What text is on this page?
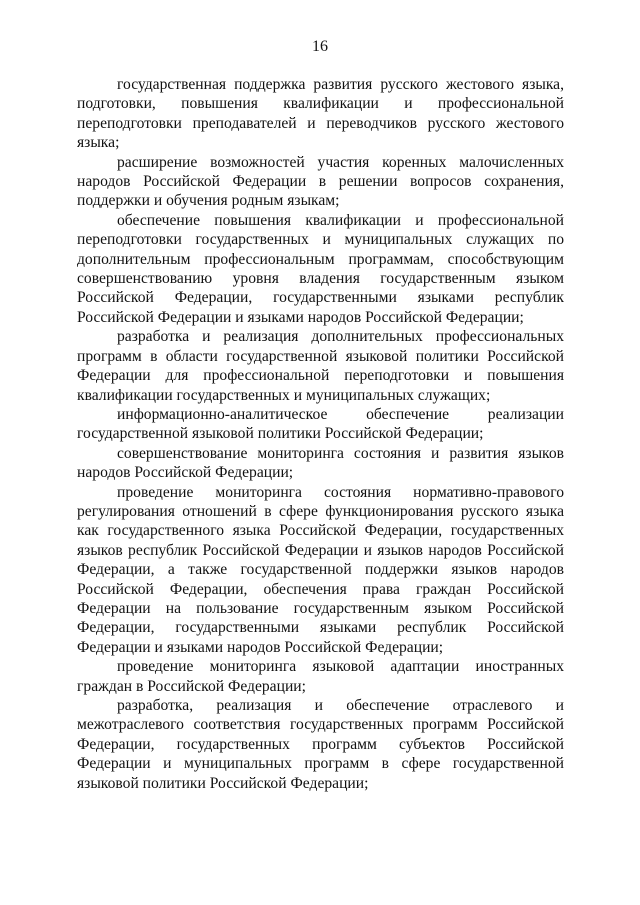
16

государственная поддержка развития русского жестового языка, подготовки, повышения квалификации и профессиональной переподготовки преподавателей и переводчиков русского жестового языка;

расширение возможностей участия коренных малочисленных народов Российской Федерации в решении вопросов сохранения, поддержки и обучения родным языкам;

обеспечение повышения квалификации и профессиональной переподготовки государственных и муниципальных служащих по дополнительным профессиональным программам, способствующим совершенствованию уровня владения государственным языком Российской Федерации, государственными языками республик Российской Федерации и языками народов Российской Федерации;

разработка и реализация дополнительных профессиональных программ в области государственной языковой политики Российской Федерации для профессиональной переподготовки и повышения квалификации государственных и муниципальных служащих;

информационно-аналитическое обеспечение реализации государственной языковой политики Российской Федерации;

совершенствование мониторинга состояния и развития языков народов Российской Федерации;

проведение мониторинга состояния нормативно-правового регулирования отношений в сфере функционирования русского языка как государственного языка Российской Федерации, государственных языков республик Российской Федерации и языков народов Российской Федерации, а также государственной поддержки языков народов Российской Федерации, обеспечения права граждан Российской Федерации на пользование государственным языком Российской Федерации, государственными языками республик Российской Федерации и языками народов Российской Федерации;

проведение мониторинга языковой адаптации иностранных граждан в Российской Федерации;

разработка, реализация и обеспечение отраслевого и межотраслевого соответствия государственных программ Российской Федерации, государственных программ субъектов Российской Федерации и муниципальных программ в сфере государственной языковой политики Российской Федерации;
